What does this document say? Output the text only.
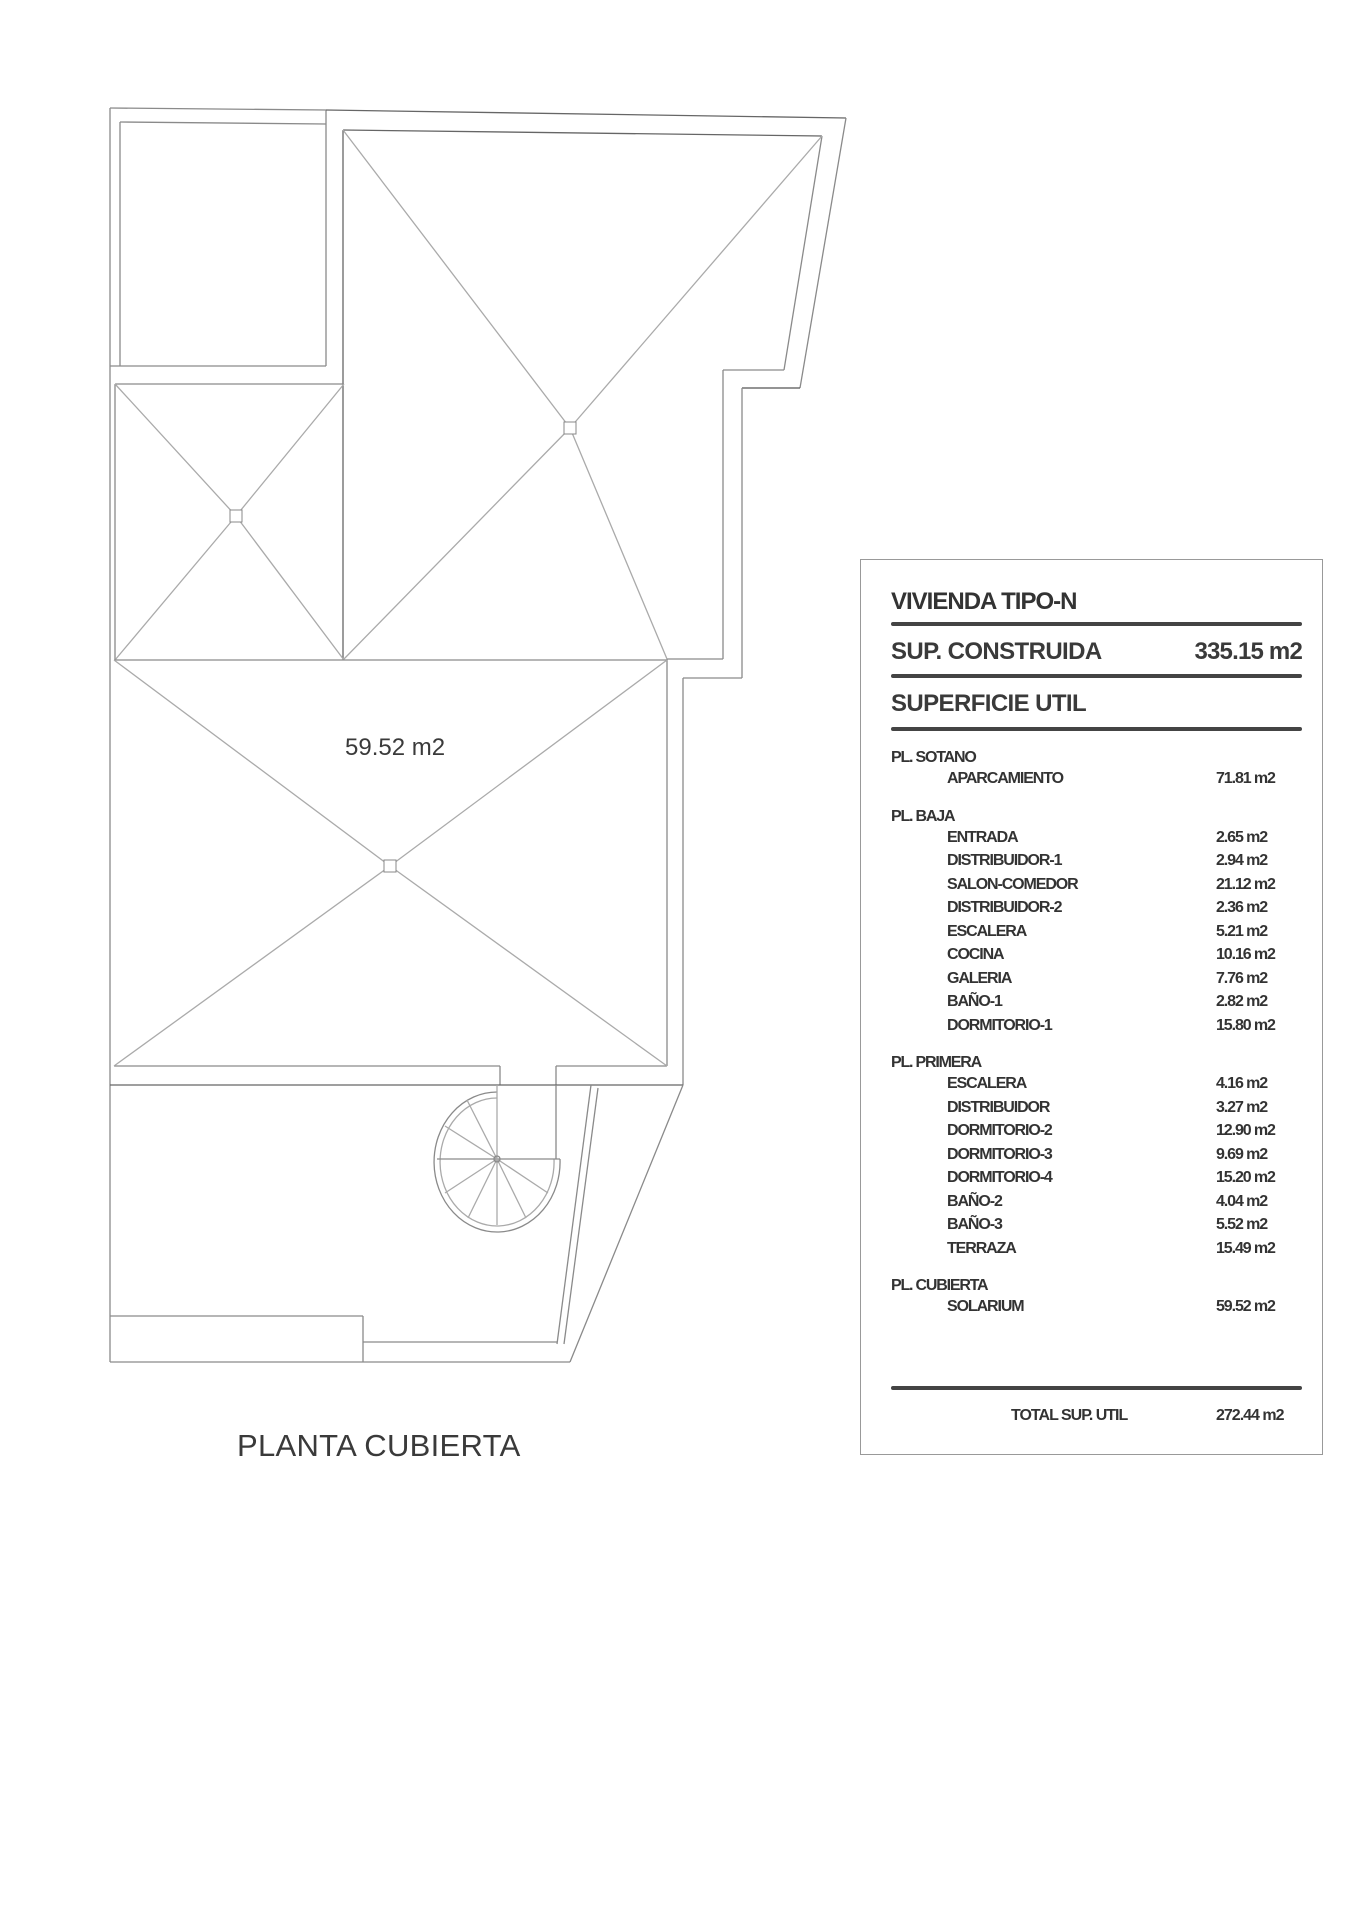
59.52 m2
PLANTA CUBIERTA
VIVIENDA TIPO-N
SUP. CONSTRUIDA	335.15 m2
SUPERFICIE UTIL
PL. SOTANO
APARCAMIENTO	71.81 m2
PL. BAJA
ENTRADA	2.65 m2
DISTRIBUIDOR-1	2.94 m2
SALON-COMEDOR	21.12 m2
DISTRIBUIDOR-2	2.36 m2
ESCALERA	5.21 m2
COCINA	10.16 m2
GALERIA	7.76 m2
BAÑO-1	2.82 m2
DORMITORIO-1	15.80 m2
PL. PRIMERA
ESCALERA	4.16 m2
DISTRIBUIDOR	3.27 m2
DORMITORIO-2	12.90 m2
DORMITORIO-3	9.69 m2
DORMITORIO-4	15.20 m2
BAÑO-2	4.04 m2
BAÑO-3	5.52 m2
TERRAZA	15.49 m2
PL. CUBIERTA
SOLARIUM	59.52 m2
TOTAL SUP. UTIL	272.44 m2
